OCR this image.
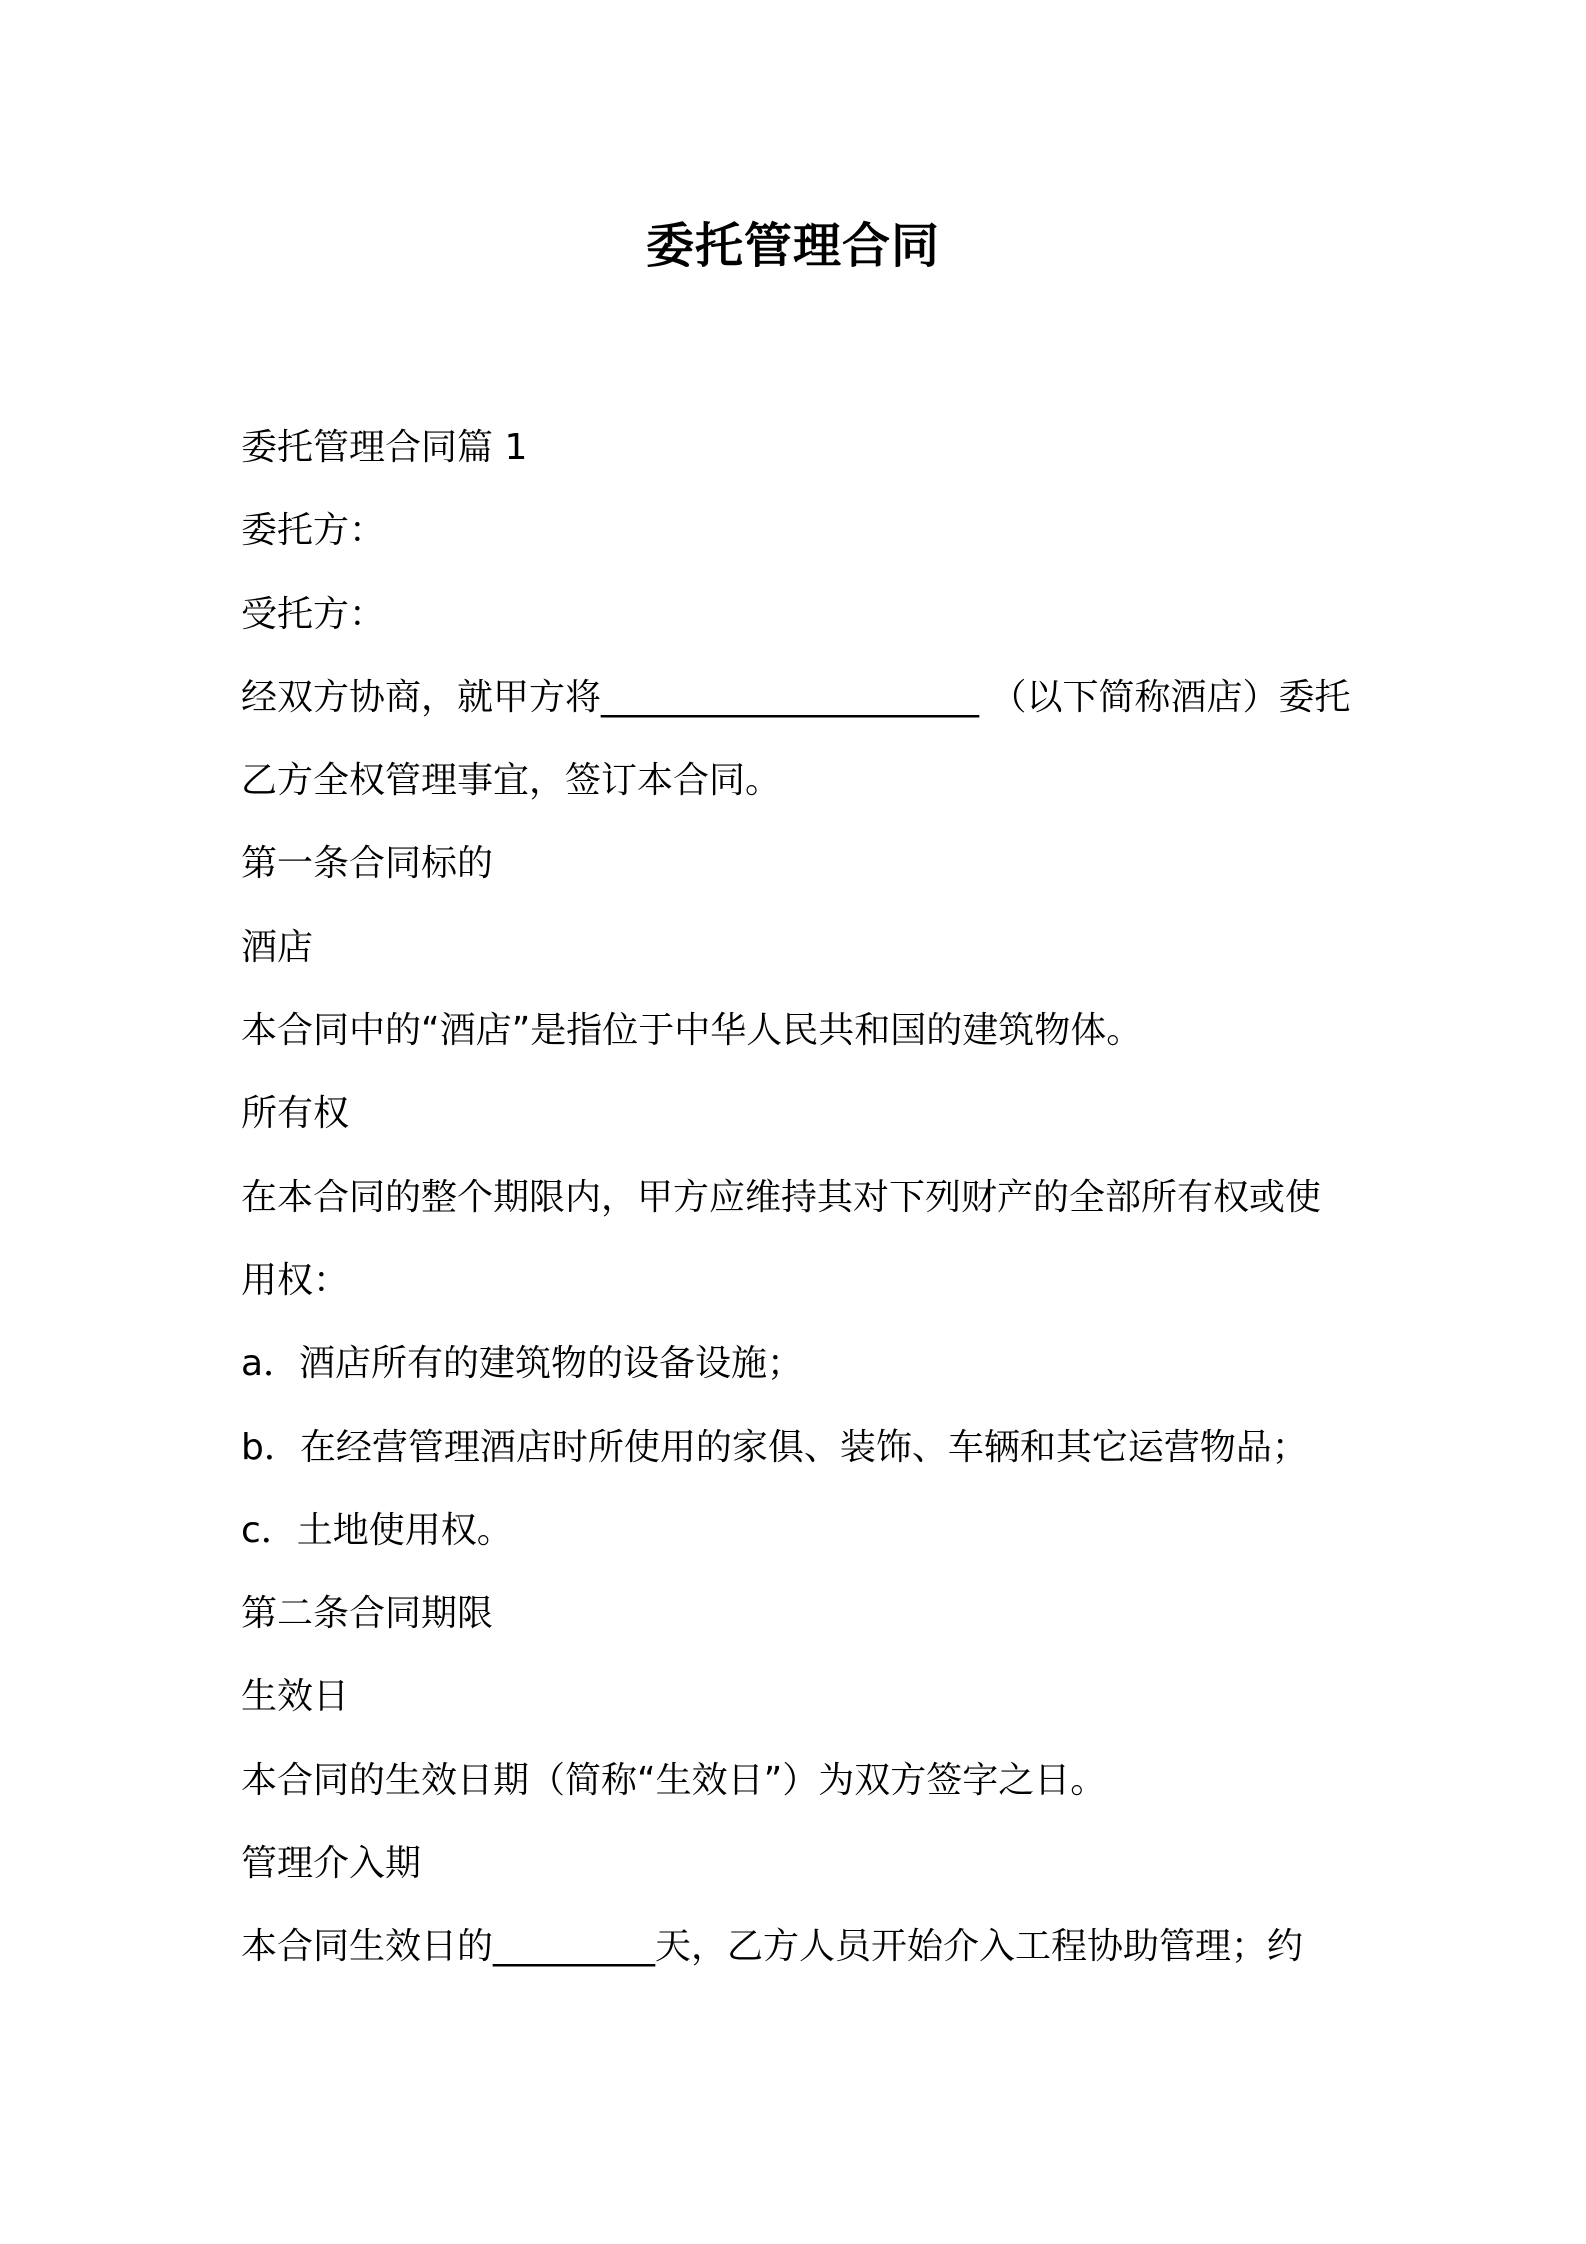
委托管理合同
委托管理合同篇 1
委托方：
受托方：
经双方协商，就甲方将_____________________ （以下简称酒店）委托
乙方全权管理事宜，签订本合同。
第一条合同标的
酒店
本合同中的“酒店”是指位于中华人民共和国的建筑物体。
所有权
在本合同的整个期限内，甲方应维持其对下列财产的全部所有权或使
用权：
a．酒店所有的建筑物的设备设施；
b．在经营管理酒店时所使用的家俱、装饰、车辆和其它运营物品；
c．土地使用权。
第二条合同期限
生效日
本合同的生效日期（简称“生效日”）为双方签字之日。
管理介入期
本合同生效日的_________天，乙方人员开始介入工程协助管理；约
